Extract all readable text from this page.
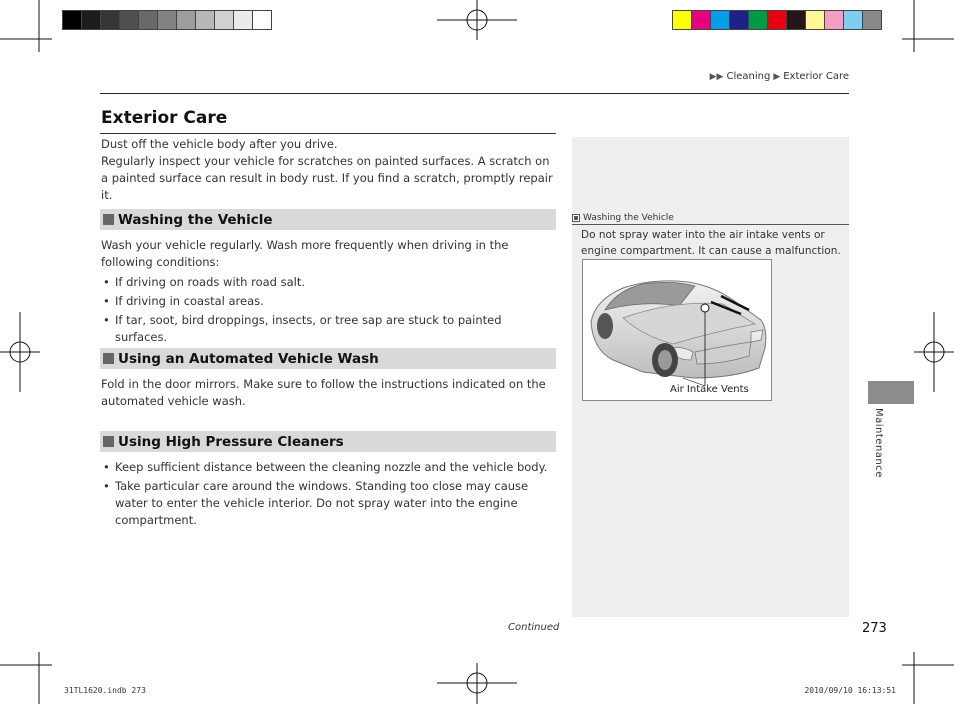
▶▶ Cleaning ▶ Exterior Care
Exterior Care

Dust off the vehicle body after you drive.

Regularly inspect your vehicle for scratches on painted surfaces. A scratch on a painted surface can result in body rust. If you find a scratch, promptly repair it.

Washing the Vehicle

Wash your vehicle regularly. Wash more frequently when driving in the following conditions:

• If driving on roads with road salt.
• If driving in coastal areas.
• If tar, soot, bird droppings, insects, or tree sap are stuck to painted surfaces.
Using an Automated Vehicle Wash

Fold in the door mirrors. Make sure to follow the instructions indicated on the automated vehicle wash.

Using High Pressure Cleaners
• Keep sufficient distance between the cleaning nozzle and the vehicle body.
• Take particular care around the windows. Standing too close may cause water to enter the vehicle interior. Do not spray water into the engine compartment.
Continued
Washing the Vehicle

Do not spray water into the air intake vents or engine compartment. It can cause a malfunction.

Air Intake Vents
Maintenance
273
31TL1620.indb 273	2010/09/10 16:13:51
